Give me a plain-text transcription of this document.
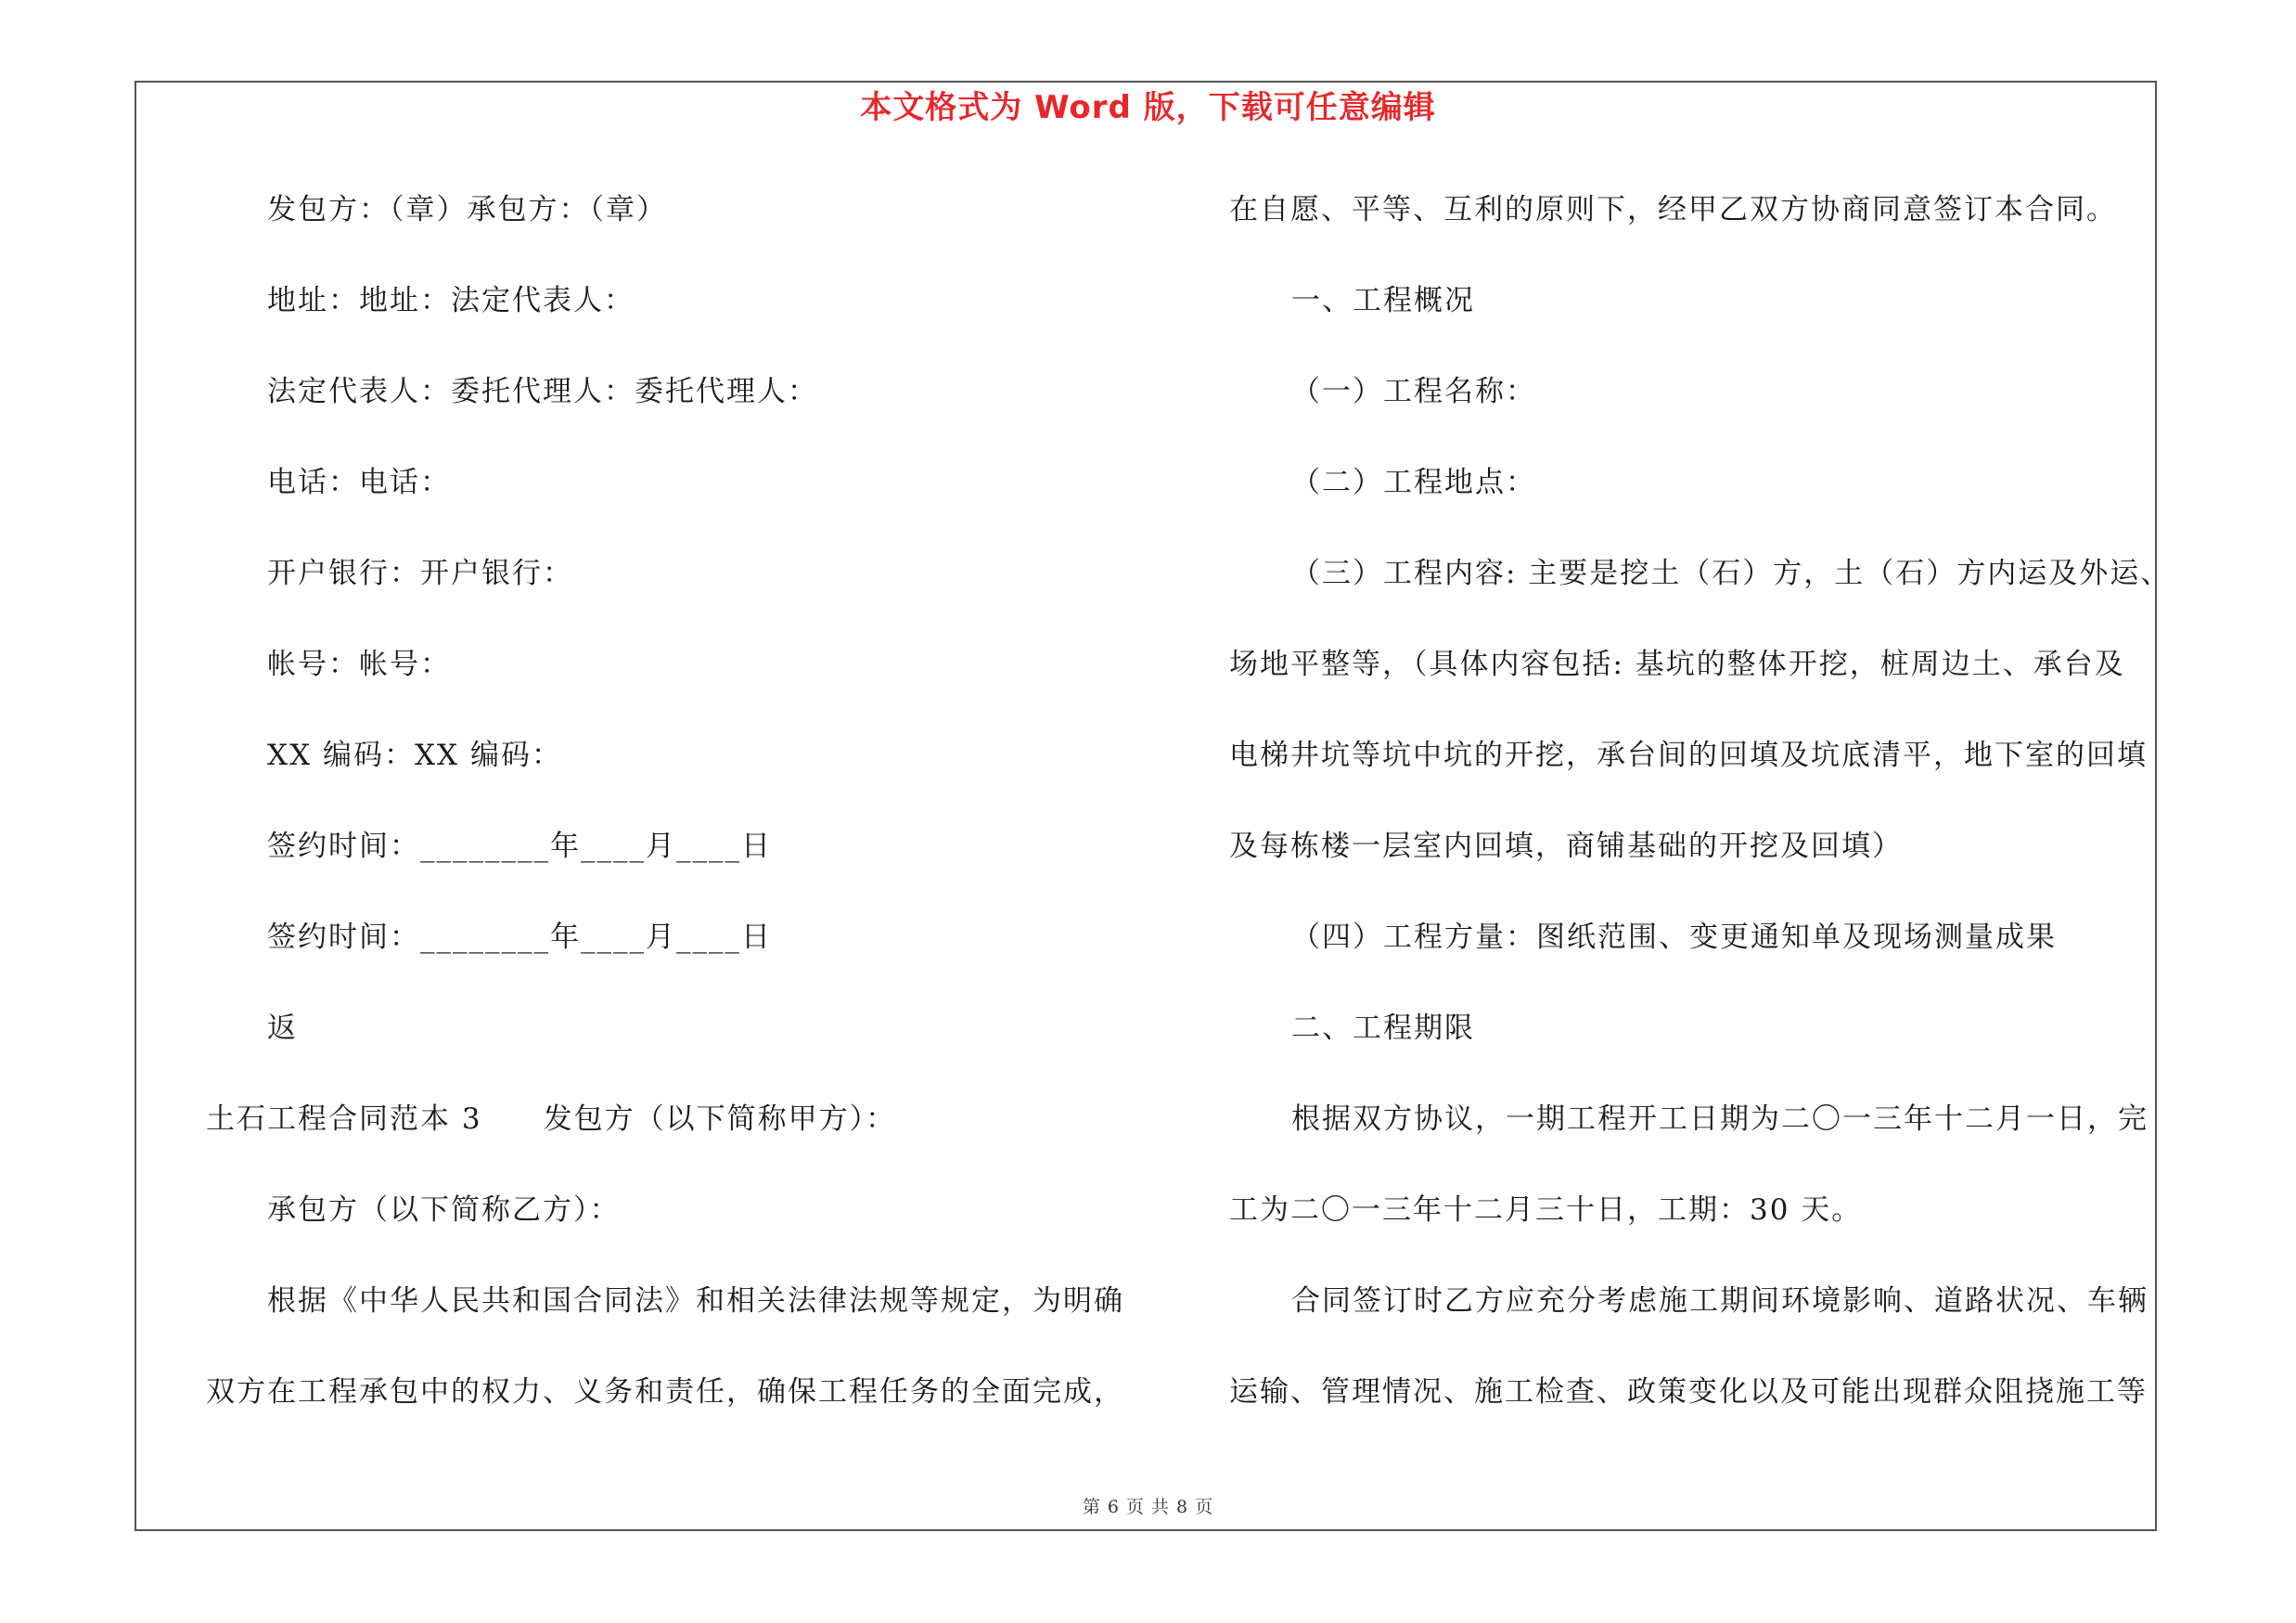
本文格式为 Word 版，下载可任意编辑
发包方：（章）承包方：（章）
地址：地址：法定代表人：
法定代表人：委托代理人：委托代理人：
电话：电话：
开户银行：开户银行：
帐号：帐号：
XX 编码：XX 编码：
签约时间：________年____月____日
签约时间：________年____月____日
返
土石工程合同范本 3　　发包方（以下简称甲方）：
承包方（以下简称乙方）：
根据《中华人民共和国合同法》和相关法律法规等规定，为明确
双方在工程承包中的权力、义务和责任，确保工程任务的全面完成，
在自愿、平等、互利的原则下，经甲乙双方协商同意签订本合同。
一、工程概况
（一）工程名称：
（二）工程地点：
（三）工程内容: 主要是挖土（石）方，土（石）方内运及外运、
场地平整等，（具体内容包括: 基坑的整体开挖，桩周边土、承台及
电梯井坑等坑中坑的开挖，承台间的回填及坑底清平，地下室的回填
及每栋楼一层室内回填，商铺基础的开挖及回填）
（四）工程方量：图纸范围、变更通知单及现场测量成果
二、工程期限
根据双方协议，一期工程开工日期为二〇一三年十二月一日，完
工为二〇一三年十二月三十日，工期：30 天。
合同签订时乙方应充分考虑施工期间环境影响、道路状况、车辆
运输、管理情况、施工检查、政策变化以及可能出现群众阻挠施工等
第 6 页 共 8 页
